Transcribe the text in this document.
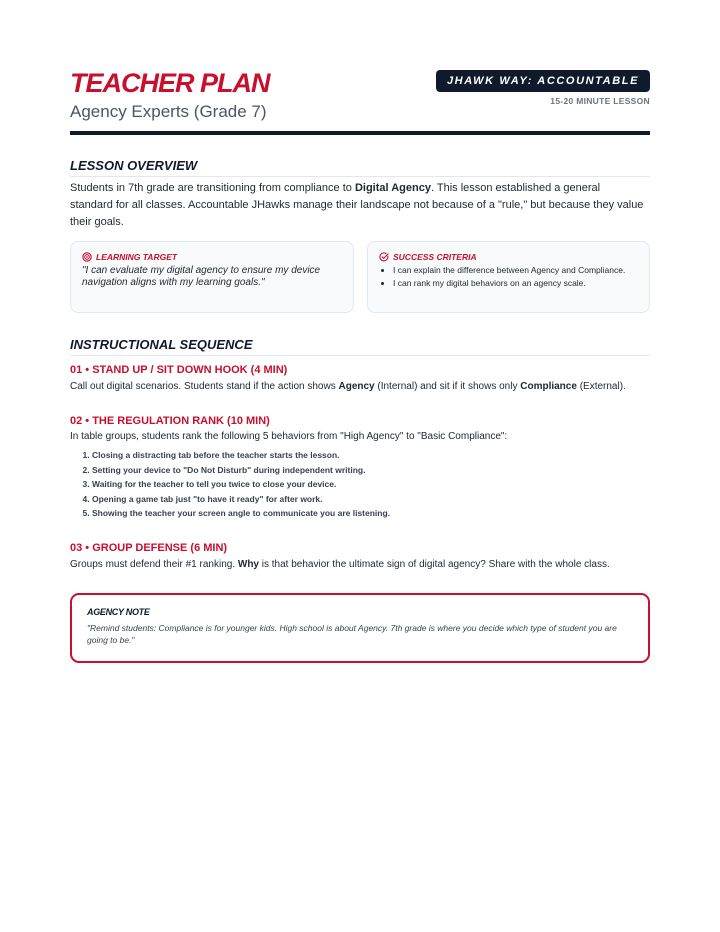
TEACHER PLAN
Agency Experts (Grade 7)
JHAWK WAY: ACCOUNTABLE
15-20 MINUTE LESSON
LESSON OVERVIEW
Students in 7th grade are transitioning from compliance to Digital Agency. This lesson established a general standard for all classes. Accountable JHawks manage their landscape not because of a "rule," but because they value their goals.
LEARNING TARGET
"I can evaluate my digital agency to ensure my device navigation aligns with my learning goals."
SUCCESS CRITERIA
• I can explain the difference between Agency and Compliance.
• I can rank my digital behaviors on an agency scale.
INSTRUCTIONAL SEQUENCE
01 • STAND UP / SIT DOWN HOOK (4 MIN)
Call out digital scenarios. Students stand if the action shows Agency (Internal) and sit if it shows only Compliance (External).
02 • THE REGULATION RANK (10 MIN)
In table groups, students rank the following 5 behaviors from "High Agency" to "Basic Compliance":
1. Closing a distracting tab before the teacher starts the lesson.
2. Setting your device to "Do Not Disturb" during independent writing.
3. Waiting for the teacher to tell you twice to close your device.
4. Opening a game tab just "to have it ready" for after work.
5. Showing the teacher your screen angle to communicate you are listening.
03 • GROUP DEFENSE (6 MIN)
Groups must defend their #1 ranking. Why is that behavior the ultimate sign of digital agency? Share with the whole class.
AGENCY NOTE
"Remind students: Compliance is for younger kids. High school is about Agency. 7th grade is where you decide which type of student you are going to be."
